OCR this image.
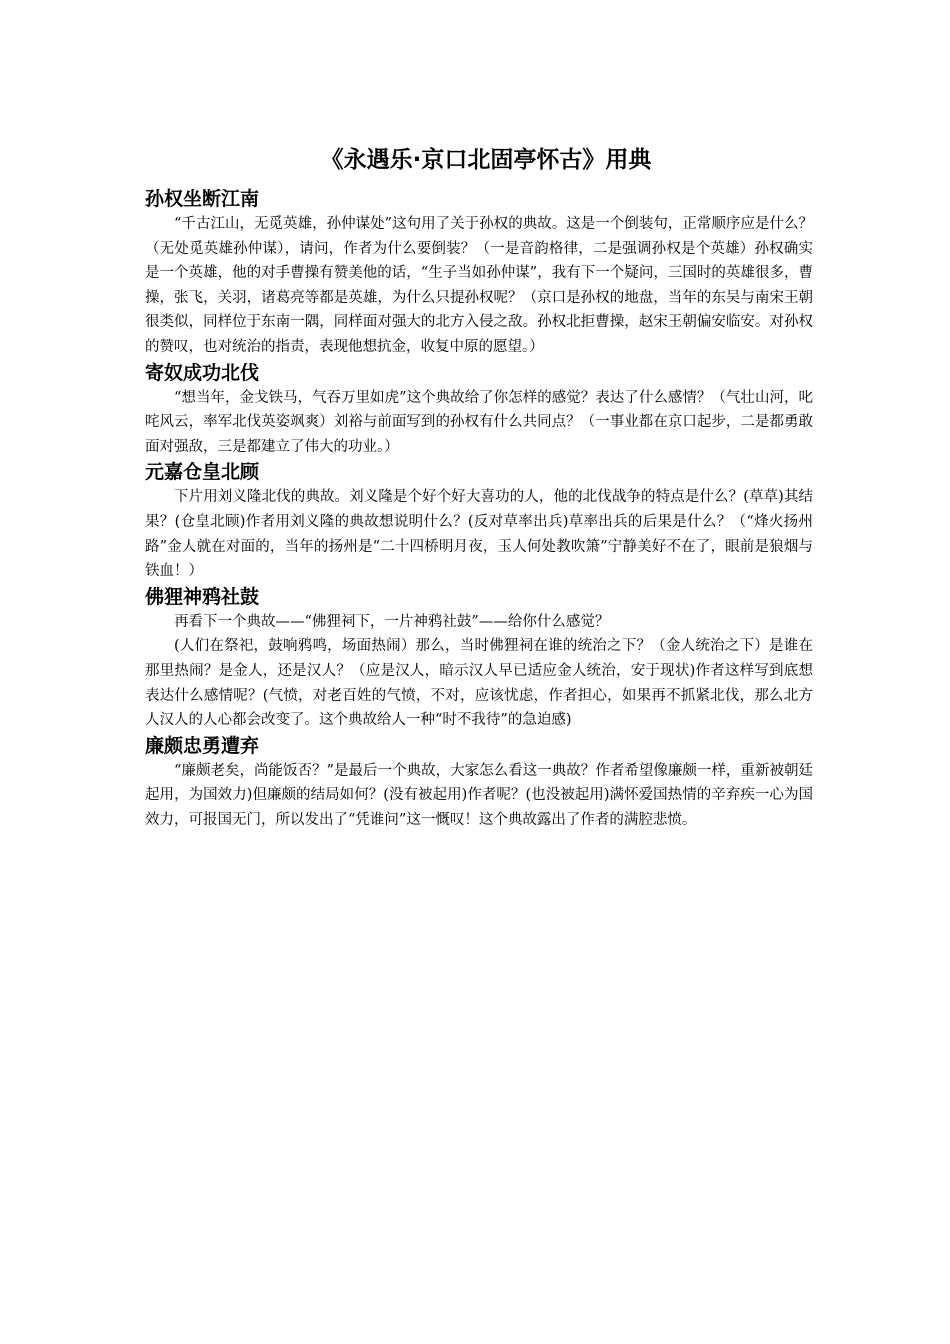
《永遇乐·京口北固亭怀古》用典
孙权坐断江南

“千古江山，无觅英雄，孙仲谋处”这句用了关于孙权的典故。这是一个倒装句，正常顺序应是什么？（无处觅英雄孙仲谋），请问，作者为什么要倒装？（一是音韵格律，二是强调孙权是个英雄）孙权确实是一个英雄，他的对手曹操有赞美他的话，“生子当如孙仲谋”，我有下一个疑问，三国时的英雄很多，曹操，张飞，关羽，诸葛亮等都是英雄，为什么只提孙权呢？（京口是孙权的地盘，当年的东吴与南宋王朝很类似，同样位于东南一隅，同样面对强大的北方入侵之敌。孙权北拒曹操，赵宋王朝偏安临安。对孙权的赞叹，也对统治的指责，表现他想抗金，收复中原的愿望。）

寄奴成功北伐

“想当年，金戈铁马，气吞万里如虎”这个典故给了你怎样的感觉？表达了什么感情？（气壮山河，叱咤风云，率军北伐英姿飒爽）刘裕与前面写到的孙权有什么共同点？（一事业都在京口起步，二是都勇敢面对强敌，三是都建立了伟大的功业。）

元嘉仓皇北顾

下片用刘义隆北伐的典故。刘义隆是个好个好大喜功的人，他的北伐战争的特点是什么？(草草)其结果？(仓皇北顾)作者用刘义隆的典故想说明什么？(反对草率出兵)草率出兵的后果是什么？（“烽火扬州路”金人就在对面的，当年的扬州是“二十四桥明月夜，玉人何处教吹箫”宁静美好不在了，眼前是狼烟与铁血！）

佛狸神鸦社鼓

再看下一个典故——“佛狸祠下，一片神鸦社鼓”——给你什么感觉？

(人们在祭祀，鼓响鸦鸣，场面热闹）那么，当时佛狸祠在谁的统治之下？（金人统治之下）是谁在那里热闹？是金人，还是汉人？（应是汉人，暗示汉人早已适应金人统治，安于现状)作者这样写到底想表达什么感情呢？(气愤，对老百姓的气愤，不对，应该忧虑，作者担心，如果再不抓紧北伐，那么北方人汉人的人心都会改变了。这个典故给人一种“时不我待”的急迫感)

廉颇忠勇遭弃

“廉颇老矣，尚能饭否？”是最后一个典故，大家怎么看这一典故？作者希望像廉颇一样，重新被朝廷起用，为国效力)但廉颇的结局如何？(没有被起用)作者呢？(也没被起用)满怀爱国热情的辛弃疾一心为国效力，可报国无门，所以发出了“凭谁问”这一慨叹！这个典故露出了作者的满腔悲愤。
